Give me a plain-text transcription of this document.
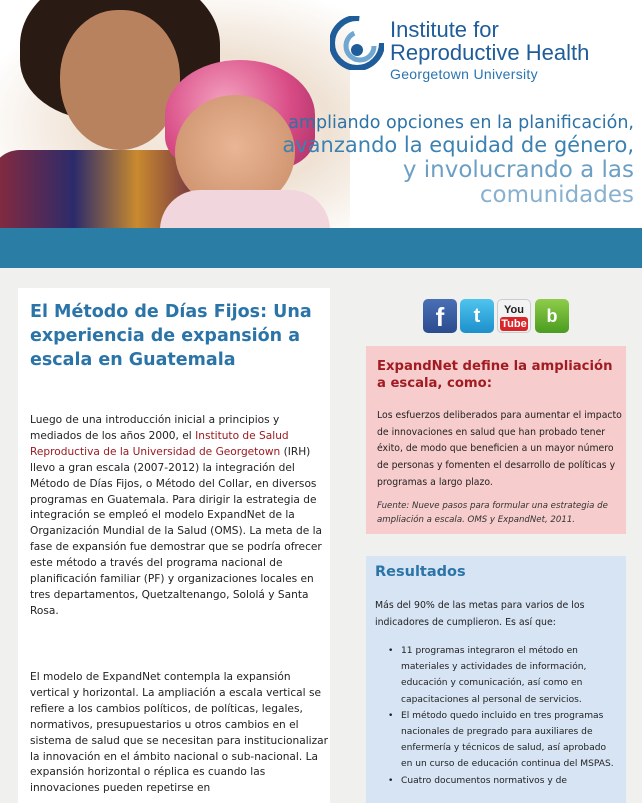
Institute for
Reproductive Health
Georgetown University
ampliando opciones en la planificación,
avanzando la equidad de género,
y involucrando a las
comunidades
El Método de Días Fijos: Una experiencia de expansión a escala en Guatemala
Luego de una introducción inicial a principios y mediados de los años 2000, el Instituto de Salud Reproductiva de la Universidad de Georgetown (IRH) llevo a gran escala (2007-2012) la integración del Método de Días Fijos, o Método del Collar, en diversos programas en Guatemala. Para dirigir la estrategia de integración se empleó el modelo ExpandNet de la Organización Mundial de la Salud (OMS). La meta de la fase de expansión fue demostrar que se podría ofrecer este método a través del programa nacional de planificación familiar (PF) y organizaciones locales en tres departamentos, Quetzaltenango, Sololá y Santa Rosa.
El modelo de ExpandNet contempla la expansión vertical y horizontal. La ampliación a escala vertical se refiere a los cambios políticos, de políticas, legales, normativos, presupuestarios u otros cambios en el sistema de salud que se necesitan para institucionalizar la innovación en el ámbito nacional o sub-nacional. La expansión horizontal o réplica es cuando las innovaciones pueden repetirse en
f	t	You
Tube	b
ExpandNet define la ampliación a escala, como:
Los esfuerzos deliberados para aumentar el impacto de innovaciones en salud que han probado tener éxito, de modo que beneficien a un mayor número de personas y fomenten el desarrollo de políticas y programas a largo plazo.
Fuente: Nueve pasos para formular una estrategia de ampliación a escala. OMS y ExpandNet, 2011.
Resultados
Más del 90% de las metas para varios de los indicadores de cumplieron. Es así que:
• 11 programas integraron el método en materiales y actividades de información, educación y comunicación, así como en capacitaciones al personal de servicios.
• El método quedo incluido en tres programas nacionales de pregrado para auxiliares de enfermería y técnicos de salud, así aprobado en un curso de educación continua del MSPAS.
• Cuatro documentos normativos y de
